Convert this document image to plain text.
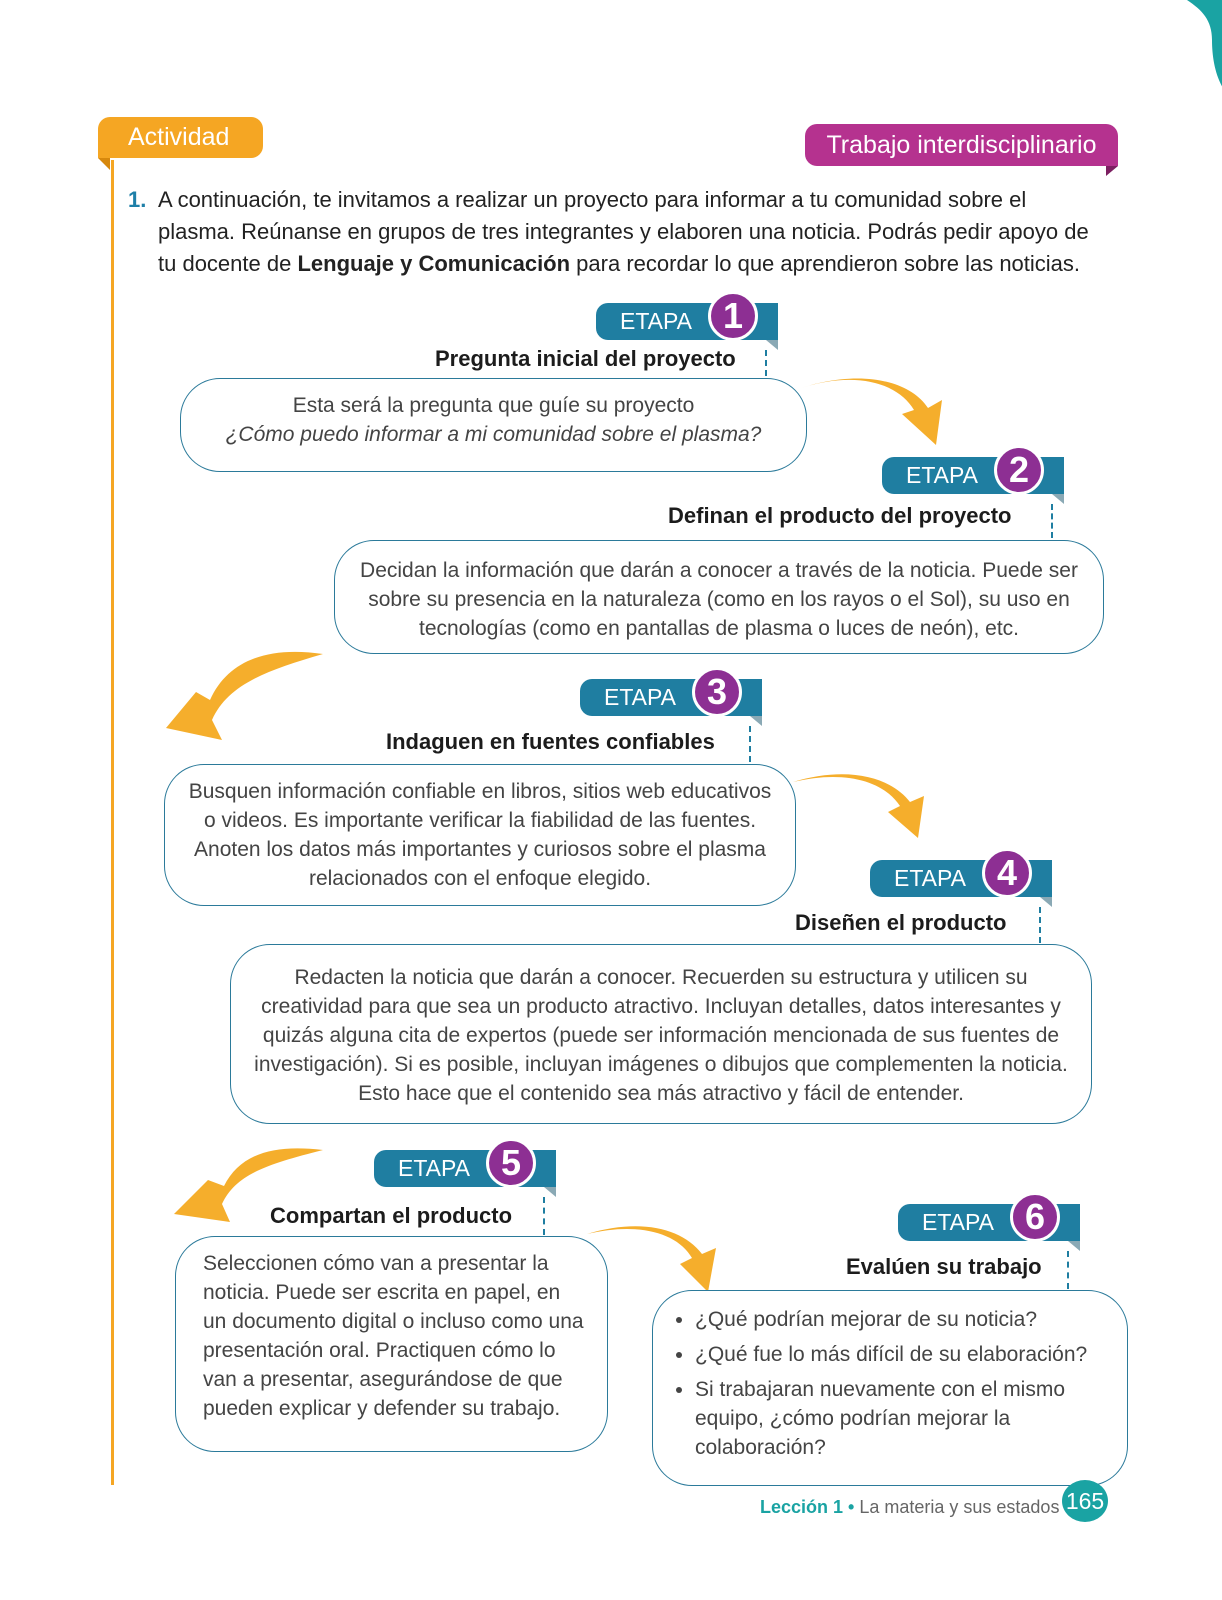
Actividad	Trabajo interdisciplinario
1. A continuación, te invitamos a realizar un proyecto para informar a tu comunidad sobre el plasma. Reúnanse en grupos de tres integrantes y elaboren una noticia. Podrás pedir apoyo de tu docente de Lenguaje y Comunicación para recordar lo que aprendieron sobre las noticias.
ETAPA 1
Pregunta inicial del proyecto

Esta será la pregunta que guíe su proyecto

¿Cómo puedo informar a mi comunidad sobre el plasma?

ETAPA 2
Definan el producto del proyecto

Decidan la información que darán a conocer a través de la noticia. Puede ser sobre su presencia en la naturaleza (como en los rayos o el Sol), su uso en tecnologías (como en pantallas de plasma o luces de neón), etc.

ETAPA 3
Indaguen en fuentes confiables

Busquen información confiable en libros, sitios web educativos o videos. Es importante verificar la fiabilidad de las fuentes. Anoten los datos más importantes y curiosos sobre el plasma relacionados con el enfoque elegido.	ETAPA 4
Diseñen el producto

Redacten la noticia que darán a conocer. Recuerden su estructura y utilicen su creatividad para que sea un producto atractivo. Incluyan detalles, datos interesantes y quizás alguna cita de expertos (puede ser información mencionada de sus fuentes de investigación). Si es posible, incluyan imágenes o dibujos que complementen la noticia. Esto hace que el contenido sea más atractivo y fácil de entender.

ETAPA 5
Compartan el producto

Seleccionen cómo van a presentar la noticia. Puede ser escrita en papel, en un documento digital o incluso como una presentación oral. Practiquen cómo lo van a presentar, asegurándose de que pueden explicar y defender su trabajo.

ETAPA 6
Evalúen su trabajo
• ¿Qué podrían mejorar de su noticia?
• ¿Qué fue lo más difícil de su elaboración?
• Si trabajaran nuevamente con el mismo equipo, ¿cómo podrían mejorar la colaboración?
Lección 1 • La materia y sus estados 165
